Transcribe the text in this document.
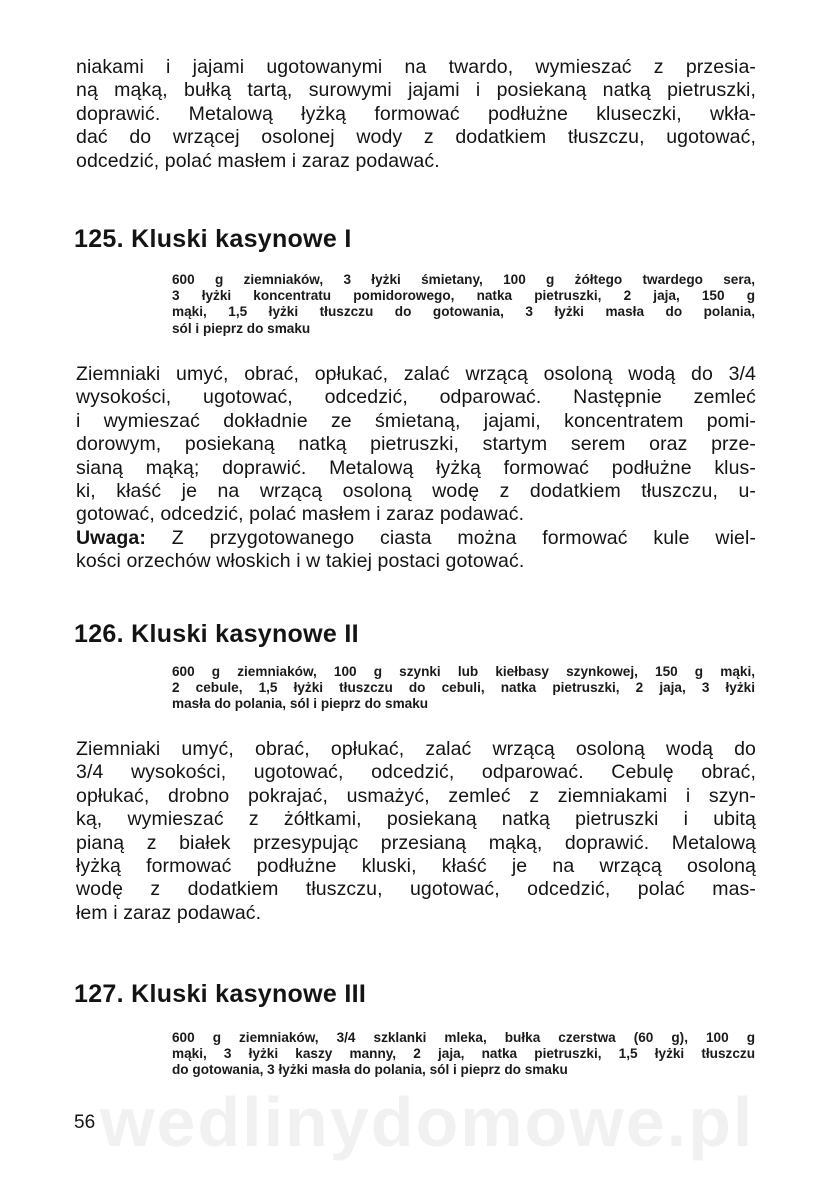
wedlinydomowe.pl

niakami i jajami ugotowanymi na twardo, wymieszać z przesia-
ną mąką, bułką tartą, surowymi jajami i posiekaną natką pietruszki,
doprawić. Metalową łyżką formować podłużne kluseczki, wkła-
dać do wrzącej osolonej wody z dodatkiem tłuszczu, ugotować,
odcedzić, polać masłem i zaraz podawać.

125. Kluski kasynowe I

600 g ziemniaków, 3 łyżki śmietany, 100 g żółtego twardego sera,
3 łyżki koncentratu pomidorowego, natka pietruszki, 2 jaja, 150 g
mąki, 1,5 łyżki tłuszczu do gotowania, 3 łyżki masła do polania,
sól i pieprz do smaku

Ziemniaki umyć, obrać, opłukać, zalać wrzącą osoloną wodą do 3/4
wysokości, ugotować, odcedzić, odparować. Następnie zemleć
i wymieszać dokładnie ze śmietaną, jajami, koncentratem pomi-
dorowym, posiekaną natką pietruszki, startym serem oraz prze-
sianą mąką; doprawić. Metalową łyżką formować podłużne klus-
ki, kłaść je na wrzącą osoloną wodę z dodatkiem tłuszczu, u-
gotować, odcedzić, polać masłem i zaraz podawać.
Uwaga: Z przygotowanego ciasta można formować kule wiel-
kości orzechów włoskich i w takiej postaci gotować.

126. Kluski kasynowe II

600 g ziemniaków, 100 g szynki lub kiełbasy szynkowej, 150 g mąki,
2 cebule, 1,5 łyżki tłuszczu do cebuli, natka pietruszki, 2 jaja, 3 łyżki
masła do polania, sól i pieprz do smaku

Ziemniaki umyć, obrać, opłukać, zalać wrzącą osoloną wodą do
3/4 wysokości, ugotować, odcedzić, odparować. Cebulę obrać,
opłukać, drobno pokrajać, usmażyć, zemleć z ziemniakami i szyn-
ką, wymieszać z żółtkami, posiekaną natką pietruszki i ubitą
pianą z białek przesypując przesianą mąką, doprawić. Metalową
łyżką formować podłużne kluski, kłaść je na wrzącą osoloną
wodę z dodatkiem tłuszczu, ugotować, odcedzić, polać mas-
łem i zaraz podawać.

127. Kluski kasynowe III

600 g ziemniaków, 3/4 szklanki mleka, bułka czerstwa (60 g), 100 g
mąki, 3 łyżki kaszy manny, 2 jaja, natka pietruszki, 1,5 łyżki tłuszczu
do gotowania, 3 łyżki masła do polania, sól i pieprz do smaku

56
